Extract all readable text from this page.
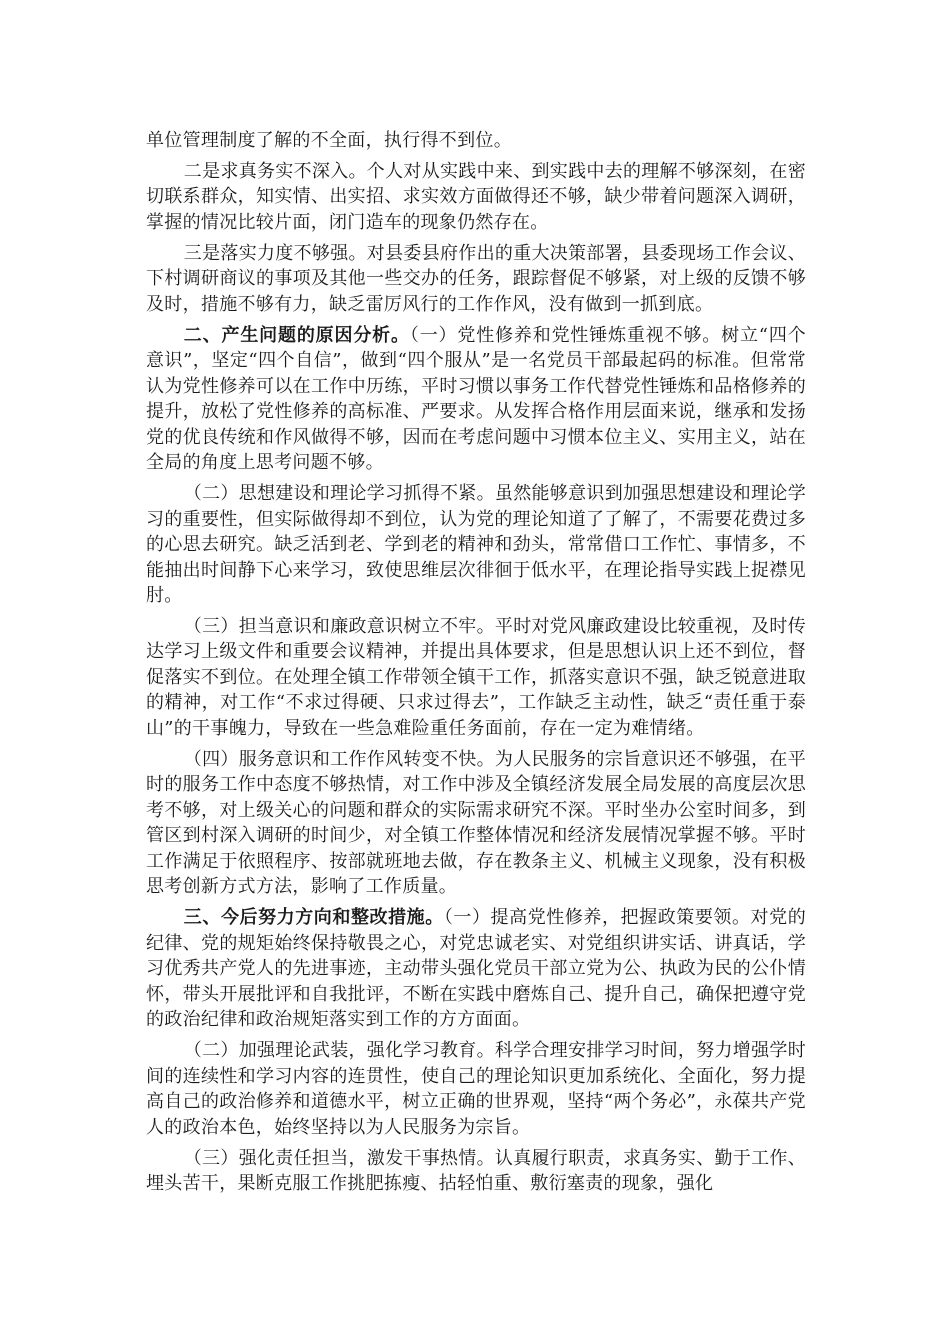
单位管理制度了解的不全面，执行得不到位。

二是求真务实不深入。个人对从实践中来、到实践中去的理解不够深刻，在密切联系群众，知实情、出实招、求实效方面做得还不够，缺少带着问题深入调研，掌握的情况比较片面，闭门造车的现象仍然存在。

三是落实力度不够强。对县委县府作出的重大决策部署，县委现场工作会议、下村调研商议的事项及其他一些交办的任务，跟踪督促不够紧，对上级的反馈不够及时，措施不够有力，缺乏雷厉风行的工作作风，没有做到一抓到底。

二、产生问题的原因分析。（一）党性修养和党性锤炼重视不够。树立“四个意识”，坚定“四个自信”，做到“四个服从”是一名党员干部最起码的标准。但常常认为党性修养可以在工作中历练，平时习惯以事务工作代替党性锤炼和品格修养的提升，放松了党性修养的高标准、严要求。从发挥合格作用层面来说，继承和发扬党的优良传统和作风做得不够，因而在考虑问题中习惯本位主义、实用主义，站在全局的角度上思考问题不够。

（二）思想建设和理论学习抓得不紧。虽然能够意识到加强思想建设和理论学习的重要性，但实际做得却不到位，认为党的理论知道了了解了，不需要花费过多的心思去研究。缺乏活到老、学到老的精神和劲头，常常借口工作忙、事情多，不能抽出时间静下心来学习，致使思维层次徘徊于低水平，在理论指导实践上捉襟见肘。

（三）担当意识和廉政意识树立不牢。平时对党风廉政建设比较重视，及时传达学习上级文件和重要会议精神，并提出具体要求，但是思想认识上还不到位，督促落实不到位。在处理全镇工作带领全镇干工作，抓落实意识不强，缺乏锐意进取的精神，对工作“不求过得硬、只求过得去”，工作缺乏主动性，缺乏“责任重于泰山”的干事魄力，导致在一些急难险重任务面前，存在一定为难情绪。

（四）服务意识和工作作风转变不快。为人民服务的宗旨意识还不够强，在平时的服务工作中态度不够热情，对工作中涉及全镇经济发展全局发展的高度层次思考不够，对上级关心的问题和群众的实际需求研究不深。平时坐办公室时间多，到管区到村深入调研的时间少，对全镇工作整体情况和经济发展情况掌握不够。平时工作满足于依照程序、按部就班地去做，存在教条主义、机械主义现象，没有积极思考创新方式方法，影响了工作质量。

三、今后努力方向和整改措施。（一）提高党性修养，把握政策要领。对党的纪律、党的规矩始终保持敬畏之心，对党忠诚老实、对党组织讲实话、讲真话，学习优秀共产党人的先进事迹，主动带头强化党员干部立党为公、执政为民的公仆情怀，带头开展批评和自我批评，不断在实践中磨炼自己、提升自己，确保把遵守党的政治纪律和政治规矩落实到工作的方方面面。

（二）加强理论武装，强化学习教育。科学合理安排学习时间，努力增强学时间的连续性和学习内容的连贯性，使自己的理论知识更加系统化、全面化，努力提高自己的政治修养和道德水平，树立正确的世界观，坚持“两个务必”，永葆共产党人的政治本色，始终坚持以为人民服务为宗旨。

（三）强化责任担当，激发干事热情。认真履行职责，求真务实、勤于工作、埋头苦干，果断克服工作挑肥拣瘦、拈轻怕重、敷衍塞责的现象，强化
